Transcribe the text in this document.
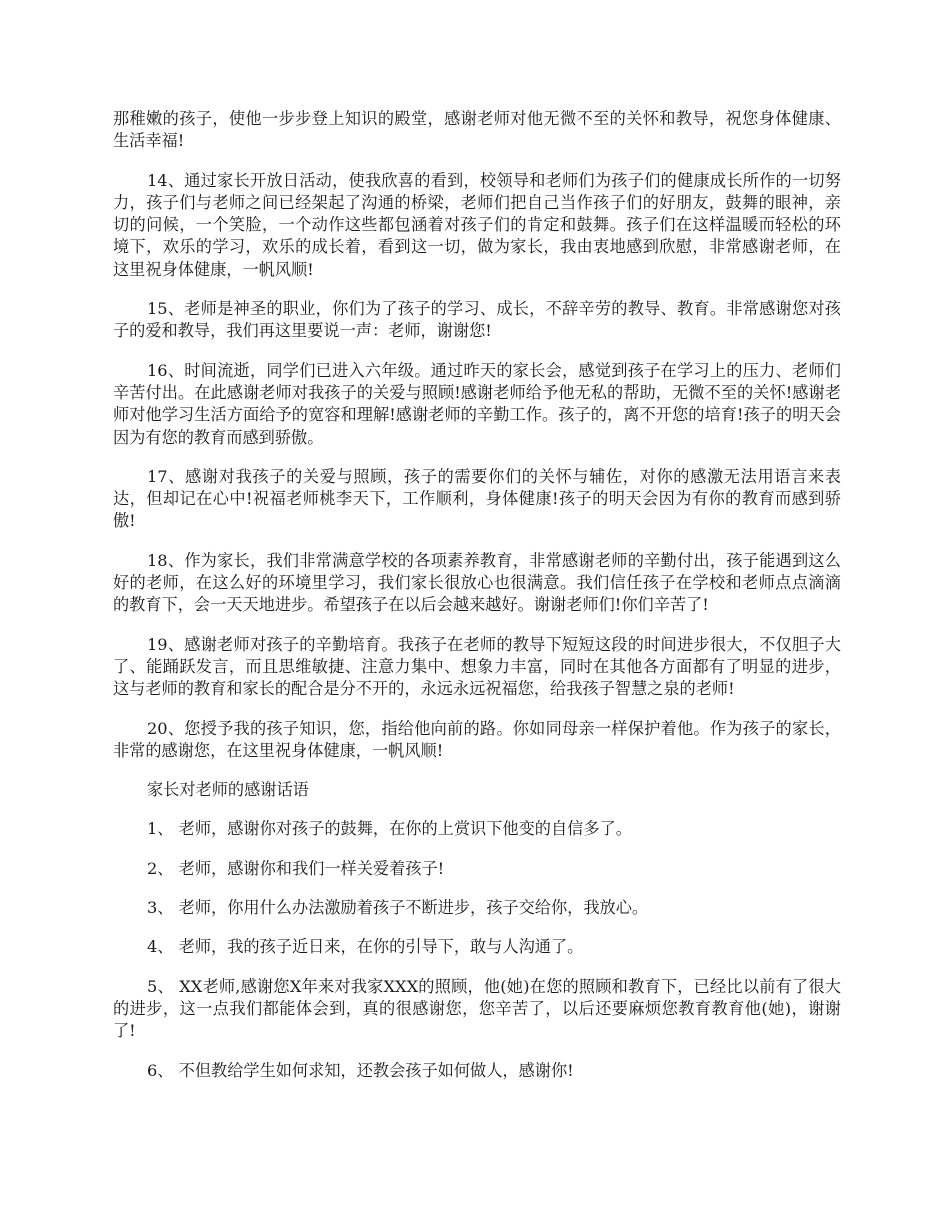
那稚嫩的孩子，使他一步步登上知识的殿堂，感谢老师对他无微不至的关怀和教导，祝您身体健康、生活幸福!

14、通过家长开放日活动，使我欣喜的看到，校领导和老师们为孩子们的健康成长所作的一切努力，孩子们与老师之间已经架起了沟通的桥梁，老师们把自己当作孩子们的好朋友，鼓舞的眼神，亲切的问候，一个笑脸，一个动作这些都包涵着对孩子们的肯定和鼓舞。孩子们在这样温暖而轻松的环境下，欢乐的学习，欢乐的成长着，看到这一切，做为家长，我由衷地感到欣慰，非常感谢老师，在这里祝身体健康，一帆风顺!

15、老师是神圣的职业，你们为了孩子的学习、成长，不辞辛劳的教导、教育。非常感谢您对孩子的爱和教导，我们再这里要说一声：老师，谢谢您!

16、时间流逝，同学们已进入六年级。通过昨天的家长会，感觉到孩子在学习上的压力、老师们辛苦付出。在此感谢老师对我孩子的关爱与照顾!感谢老师给予他无私的帮助，无微不至的关怀!感谢老师对他学习生活方面给予的宽容和理解!感谢老师的辛勤工作。孩子的，离不开您的培育!孩子的明天会因为有您的教育而感到骄傲。

17、感谢对我孩子的关爱与照顾，孩子的需要你们的关怀与辅佐，对你的感激无法用语言来表达，但却记在心中!祝福老师桃李天下，工作顺利，身体健康!孩子的明天会因为有你的教育而感到骄傲!

18、作为家长，我们非常满意学校的各项素养教育，非常感谢老师的辛勤付出，孩子能遇到这么好的老师，在这么好的环境里学习，我们家长很放心也很满意。我们信任孩子在学校和老师点点滴滴的教育下，会一天天地进步。希望孩子在以后会越来越好。谢谢老师们!你们辛苦了!

19、感谢老师对孩子的辛勤培育。我孩子在老师的教导下短短这段的时间进步很大，不仅胆子大了、能踊跃发言，而且思维敏捷、注意力集中、想象力丰富，同时在其他各方面都有了明显的进步，这与老师的教育和家长的配合是分不开的，永远永远祝福您，给我孩子智慧之泉的老师!

20、您授予我的孩子知识，您，指给他向前的路。你如同母亲一样保护着他。作为孩子的家长，非常的感谢您，在这里祝身体健康，一帆风顺!

家长对老师的感谢话语

1、 老师，感谢你对孩子的鼓舞，在你的上赏识下他变的自信多了。

2、 老师，感谢你和我们一样关爱着孩子!

3、 老师，你用什么办法激励着孩子不断进步，孩子交给你，我放心。

4、 老师，我的孩子近日来，在你的引导下，敢与人沟通了。

5、 XX老师,感谢您X年来对我家XXX的照顾，他(她)在您的照顾和教育下，已经比以前有了很大的进步，这一点我们都能体会到，真的很感谢您，您辛苦了，以后还要麻烦您教育教育他(她)，谢谢了!

6、 不但教给学生如何求知，还教会孩子如何做人，感谢你!
